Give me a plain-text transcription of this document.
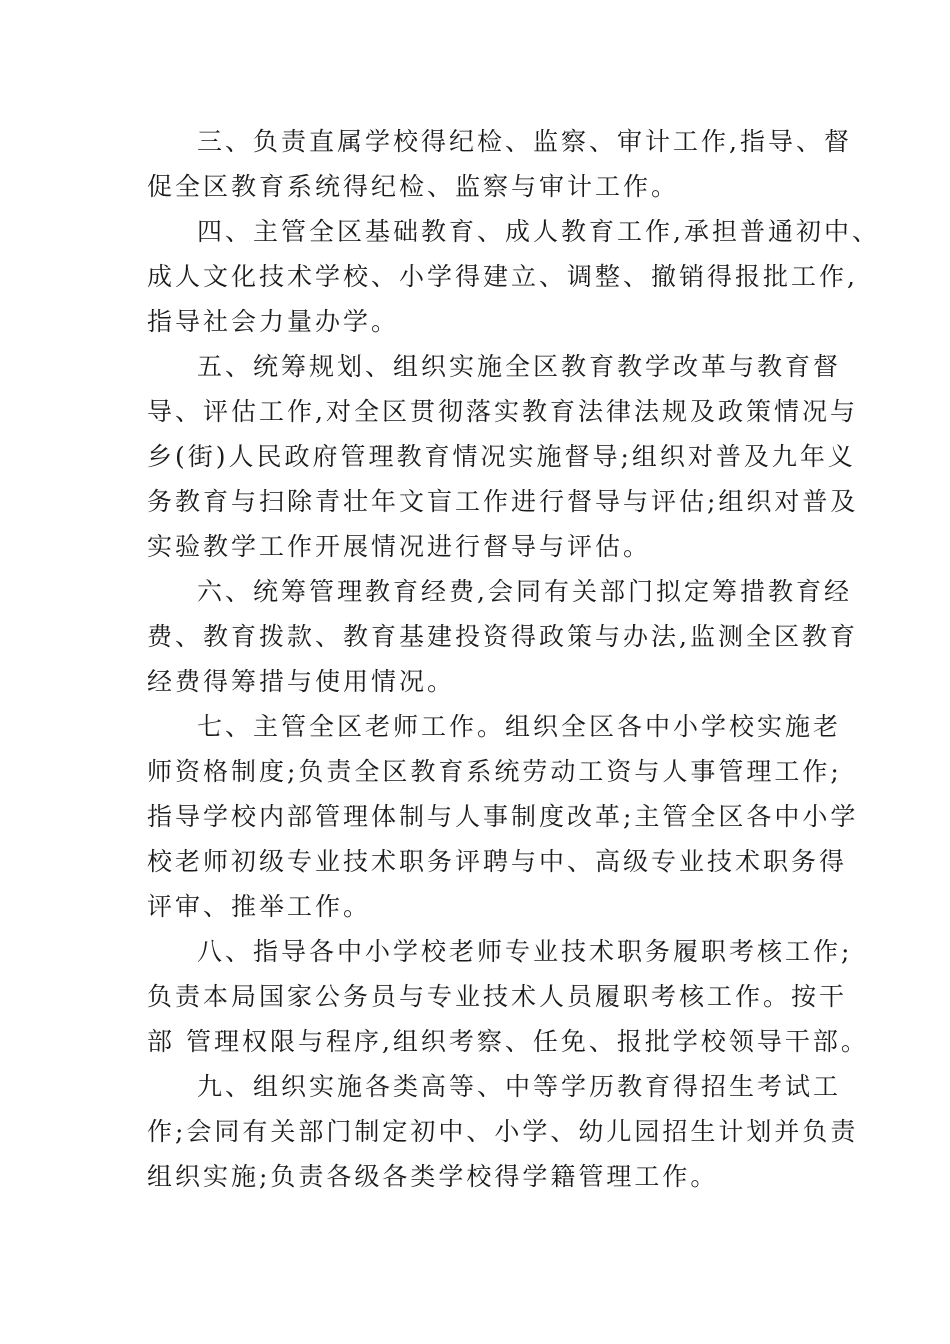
三、负责直属学校得纪检、监察、审计工作,指导、督
促全区教育系统得纪检、监察与审计工作。
四、主管全区基础教育、成人教育工作,承担普通初中、
成人文化技术学校、小学得建立、调整、撤销得报批工作,
指导社会力量办学。
五、统筹规划、组织实施全区教育教学改革与教育督
导、评估工作,对全区贯彻落实教育法律法规及政策情况与
乡(街)人民政府管理教育情况实施督导;组织对普及九年义
务教育与扫除青壮年文盲工作进行督导与评估;组织对普及
实验教学工作开展情况进行督导与评估。
六、统筹管理教育经费,会同有关部门拟定筹措教育经
费、教育拨款、教育基建投资得政策与办法,监测全区教育
经费得筹措与使用情况。
七、主管全区老师工作。组织全区各中小学校实施老
师资格制度;负责全区教育系统劳动工资与人事管理工作;
指导学校内部管理体制与人事制度改革;主管全区各中小学
校老师初级专业技术职务评聘与中、高级专业技术职务得
评审、推举工作。
八、指导各中小学校老师专业技术职务履职考核工作;
负责本局国家公务员与专业技术人员履职考核工作。按干
部 管理权限与程序,组织考察、任免、报批学校领导干部。
九、组织实施各类高等、中等学历教育得招生考试工
作;会同有关部门制定初中、小学、幼儿园招生计划并负责
组织实施;负责各级各类学校得学籍管理工作。
